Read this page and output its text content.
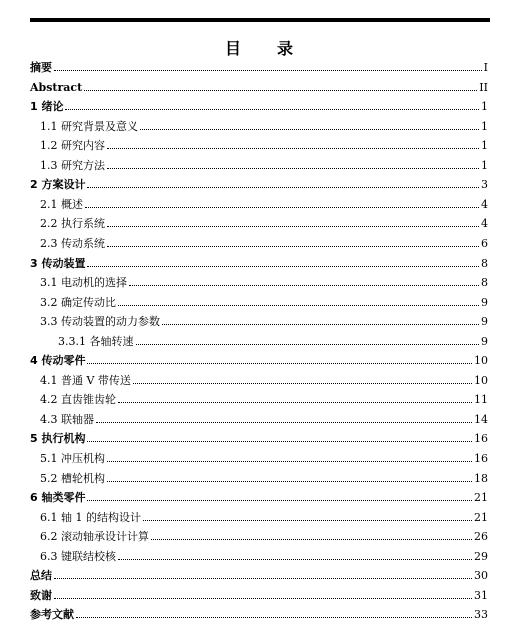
目 录
摘要	I
Abstract	II
1 绪论	1
1.1 研究背景及意义	1
1.2 研究内容	1
1.3 研究方法	1
2 方案设计	3
2.1 概述	4
2.2 执行系统	4
2.3 传动系统	6
3 传动装置	8
3.1 电动机的选择	8
3.2 确定传动比	9
3.3 传动装置的动力参数	9
3.3.1 各轴转速	9
4 传动零件	10
4.1 普通 V 带传送	10
4.2 直齿锥齿轮	11
4.3 联轴器	14
5 执行机构	16
5.1 冲压机构	16
5.2 槽轮机构	18
6 轴类零件	21
6.1 轴 1 的结构设计	21
6.2 滚动轴承设计计算	26
6.3 键联结校核	29
总结	30
致谢	31
参考文献	33
